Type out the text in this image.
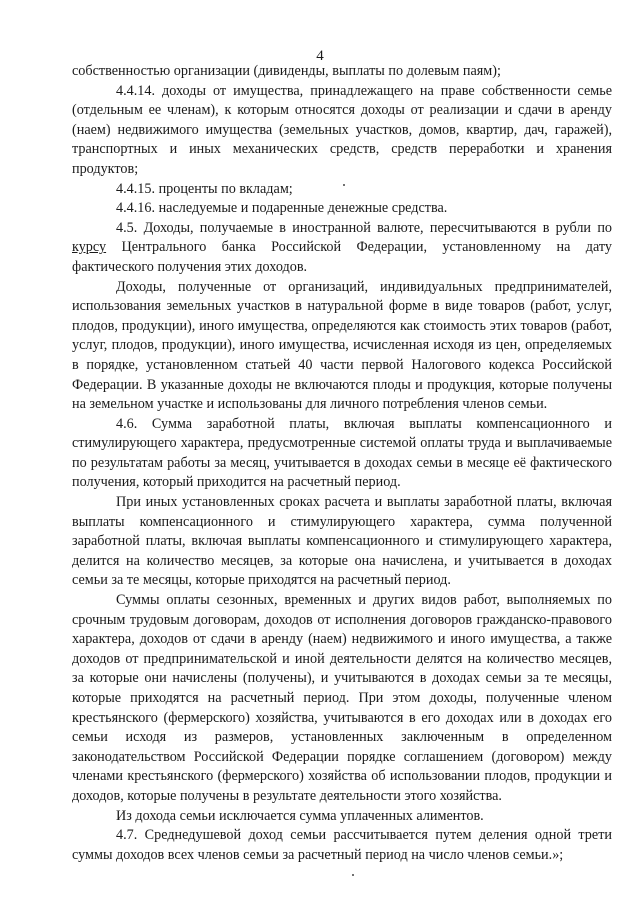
4

собственностью организации (дивиденды, выплаты по долевым паям);

4.4.14. доходы от имущества, принадлежащего на праве собственности семье (отдельным ее членам), к которым относятся доходы от реализации и сдачи в аренду (наем) недвижимого имущества (земельных участков, домов, квартир, дач, гаражей), транспортных и иных механических средств, средств переработки и хранения продуктов;

4.4.15. проценты по вкладам;

4.4.16. наследуемые и подаренные денежные средства.

4.5. Доходы, получаемые в иностранной валюте, пересчитываются в рубли по курсу Центрального банка Российской Федерации, установленному на дату фактического получения этих доходов.

Доходы, полученные от организаций, индивидуальных предпринимателей, использования земельных участков в натуральной форме в виде товаров (работ, услуг, плодов, продукции), иного имущества, определяются как стоимость этих товаров (работ, услуг, плодов, продукции), иного имущества, исчисленная исходя из цен, определяемых в порядке, установленном статьей 40 части первой Налогового кодекса Российской Федерации. В указанные доходы не включаются плоды и продукция, которые получены на земельном участке и использованы для личного потребления членов семьи.

4.6. Сумма заработной платы, включая выплаты компенсационного и стимулирующего характера, предусмотренные системой оплаты труда и выплачиваемые по результатам работы за месяц, учитывается в доходах семьи в месяце её фактического получения, который приходится на расчетный период.

При иных установленных сроках расчета и выплаты заработной платы, включая выплаты компенсационного и стимулирующего характера, сумма полученной заработной платы, включая выплаты компенсационного и стимулирующего характера, делится на количество месяцев, за которые она начислена, и учитывается в доходах семьи за те месяцы, которые приходятся на расчетный период.

Суммы оплаты сезонных, временных и других видов работ, выполняемых по срочным трудовым договорам, доходов от исполнения договоров гражданско-правового характера, доходов от сдачи в аренду (наем) недвижимого и иного имущества, а также доходов от предпринимательской и иной деятельности делятся на количество месяцев, за которые они начислены (получены), и учитываются в доходах семьи за те месяцы, которые приходятся на расчетный период. При этом доходы, полученные членом крестьянского (фермерского) хозяйства, учитываются в его доходах или в доходах его семьи исходя из размеров, установленных заключенным в определенном законодательством Российской Федерации порядке соглашением (договором) между членами крестьянского (фермерского) хозяйства об использовании плодов, продукции и доходов, которые получены в результате деятельности этого хозяйства.

Из дохода семьи исключается сумма уплаченных алиментов.

4.7. Среднедушевой доход семьи рассчитывается путем деления одной трети суммы доходов всех членов семьи за расчетный период на число членов семьи.»;
